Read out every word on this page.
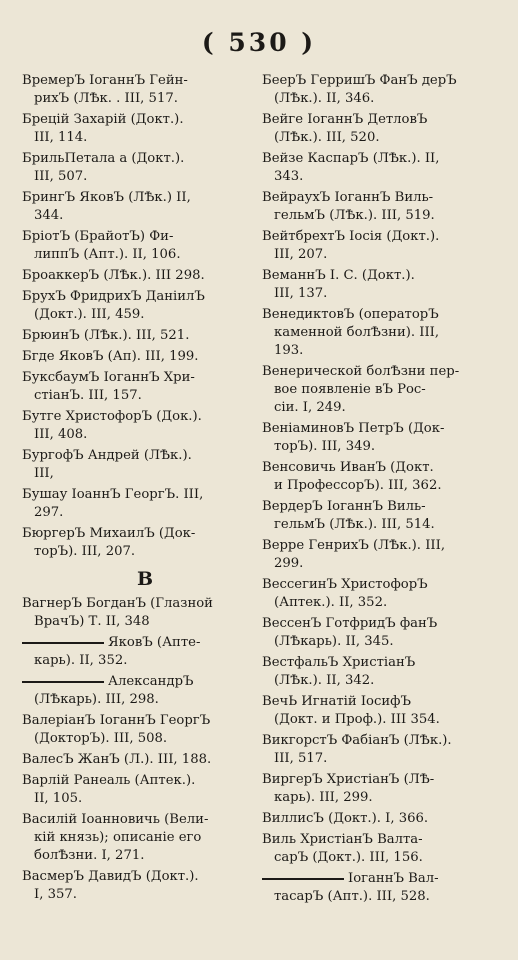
( 530 )
ВремерЪ ІоганнЪ Гейн-
рихЪ (ЛѢк. . III, 517.
Брецій Захарій (Докт.).
III, 114.
БрильПетала а (Докт.).
III, 507.
БрингЪ ЯковЪ (ЛѢк.) II,
344.
БріотЪ (БрайотЪ) Фи-
липпЪ (Апт.). II, 106.
БроаккерЪ (ЛѢк.). III 298.
БрухЪ ФридрихЪ ДаніилЪ
(Докт.). III, 459.
БрюинЪ (ЛѢк.). III, 521.
Бгде ЯковЪ (Ап). III, 199.
БуксбаумЪ ІоганнЪ Хри-
стіанЪ. III, 157.
Бутге ХристофорЪ (Док.).
III, 408.
БургофЪ Андрей (ЛѢк.).
III,
Бушау ІоаннЪ ГеоргЪ. III,
297.
БюргерЪ МихаилЪ (Док-
торЪ). III, 207.
В
ВагнерЪ БогданЪ (Глазной
ВрачЪ) Т. II, 348
ЯковЪ (Аптe-
карь). II, 352.
АлександрЪ
(ЛѢкарь). III, 298.
ВалеріанЪ ІоганнЪ ГеоргЪ
(ДокторЪ). III, 508.
ВалесЪ ЖанЪ (Л.). III, 188.
Варлiй Ранеаль (Аптек.).
II, 105.
Василій Іоанновичь (Вели-
кій князь); описаніе его
болѢзни. I, 271.
ВасмерЪ ДавидЪ (Докт.).
I, 357.
БеерЪ ГерришЪ ФанЪ дерЪ
(ЛѢк.). II, 346.
Вейге ІоганнЪ ДетловЪ
(ЛѢк.). III, 520.
Вейзе КаспарЪ (ЛѢк.). II,
343.
ВейраухЪ ІоганнЪ Виль-
гельмЪ (ЛѢк.). III, 519.
ВейтбрехтЪ Іосія (Докт.).
III, 207.
ВеманнЪ І. С. (Докт.).
III, 137.
ВенедиктовЪ (операторЪ
каменной болѢзни). III,
193.
Венерической болѢзни пер-
вое появленіе вЪ Рос-
сіи. I, 249.
ВеніаминовЪ ПетрЪ (Док-
торЪ). III, 349.
Венсовичь ИванЪ (Докт.
и ПрофессорЪ). III, 362.
ВердерЪ ІоганнЪ Виль-
гельмЪ (ЛѢк.). III, 514.
Верре ГенрихЪ (ЛѢк.). III,
299.
ВессегинЪ ХристофорЪ
(Аптек.). II, 352.
ВессенЪ ГотфридЪ фанЪ
(ЛѢкарь). II, 345.
ВестфальЪ ХристіанЪ
(ЛѢк.). II, 342.
ВечЬ Игнатій ІосифЪ
(Докт. и Проф.). III 354.
ВикгорстЪ ФабіанЪ (ЛѢк.).
III, 517.
ВиргерЪ ХристіанЪ (ЛѢ-
карь). III, 299.
ВиллисЪ (Докт.). I, 366.
Виль ХристіанЪ Валта-
сарЪ (Докт.). III, 156.
ІоганнЪ Вал-
тасарЪ (Апт.). III, 528.
